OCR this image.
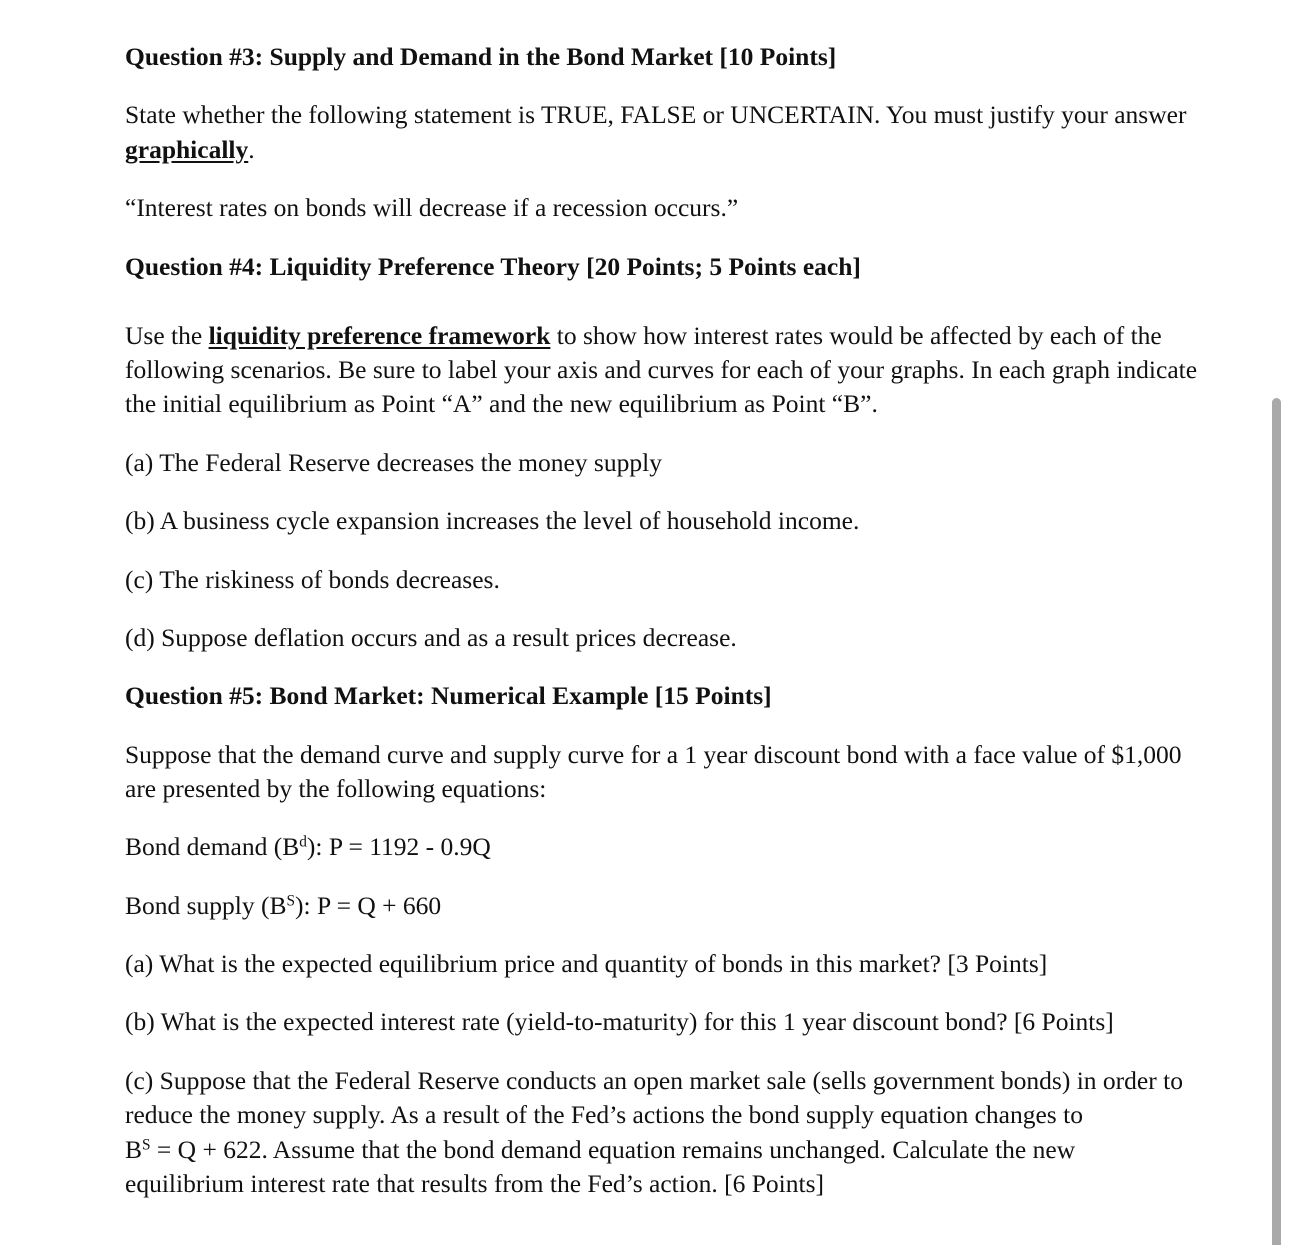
Question #3: Supply and Demand in the Bond Market [10 Points]
State whether the following statement is TRUE, FALSE or UNCERTAIN. You must justify your answer
graphically.
“Interest rates on bonds will decrease if a recession occurs.”
Question #4: Liquidity Preference Theory [20 Points; 5 Points each]
Use the liquidity preference framework to show how interest rates would be affected by each of the
following scenarios. Be sure to label your axis and curves for each of your graphs. In each graph indicate
the initial equilibrium as Point “A” and the new equilibrium as Point “B”.
(a) The Federal Reserve decreases the money supply
(b) A business cycle expansion increases the level of household income.
(c) The riskiness of bonds decreases.
(d) Suppose deflation occurs and as a result prices decrease.
Question #5: Bond Market: Numerical Example [15 Points]
Suppose that the demand curve and supply curve for a 1 year discount bond with a face value of $1,000
are presented by the following equations:
Bond demand $(B^d)$: P = 1192 - 0.9Q
Bond supply $(B^S)$: P = Q + 660
(a) What is the expected equilibrium price and quantity of bonds in this market? [3 Points]
(b) What is the expected interest rate (yield-to-maturity) for this 1 year discount bond? [6 Points]
(c) Suppose that the Federal Reserve conducts an open market sale (sells government bonds) in order to
reduce the money supply. As a result of the Fed’s actions the bond supply equation changes to
$B^S = Q + 622$. Assume that the bond demand equation remains unchanged. Calculate the new
equilibrium interest rate that results from the Fed’s action. [6 Points]
